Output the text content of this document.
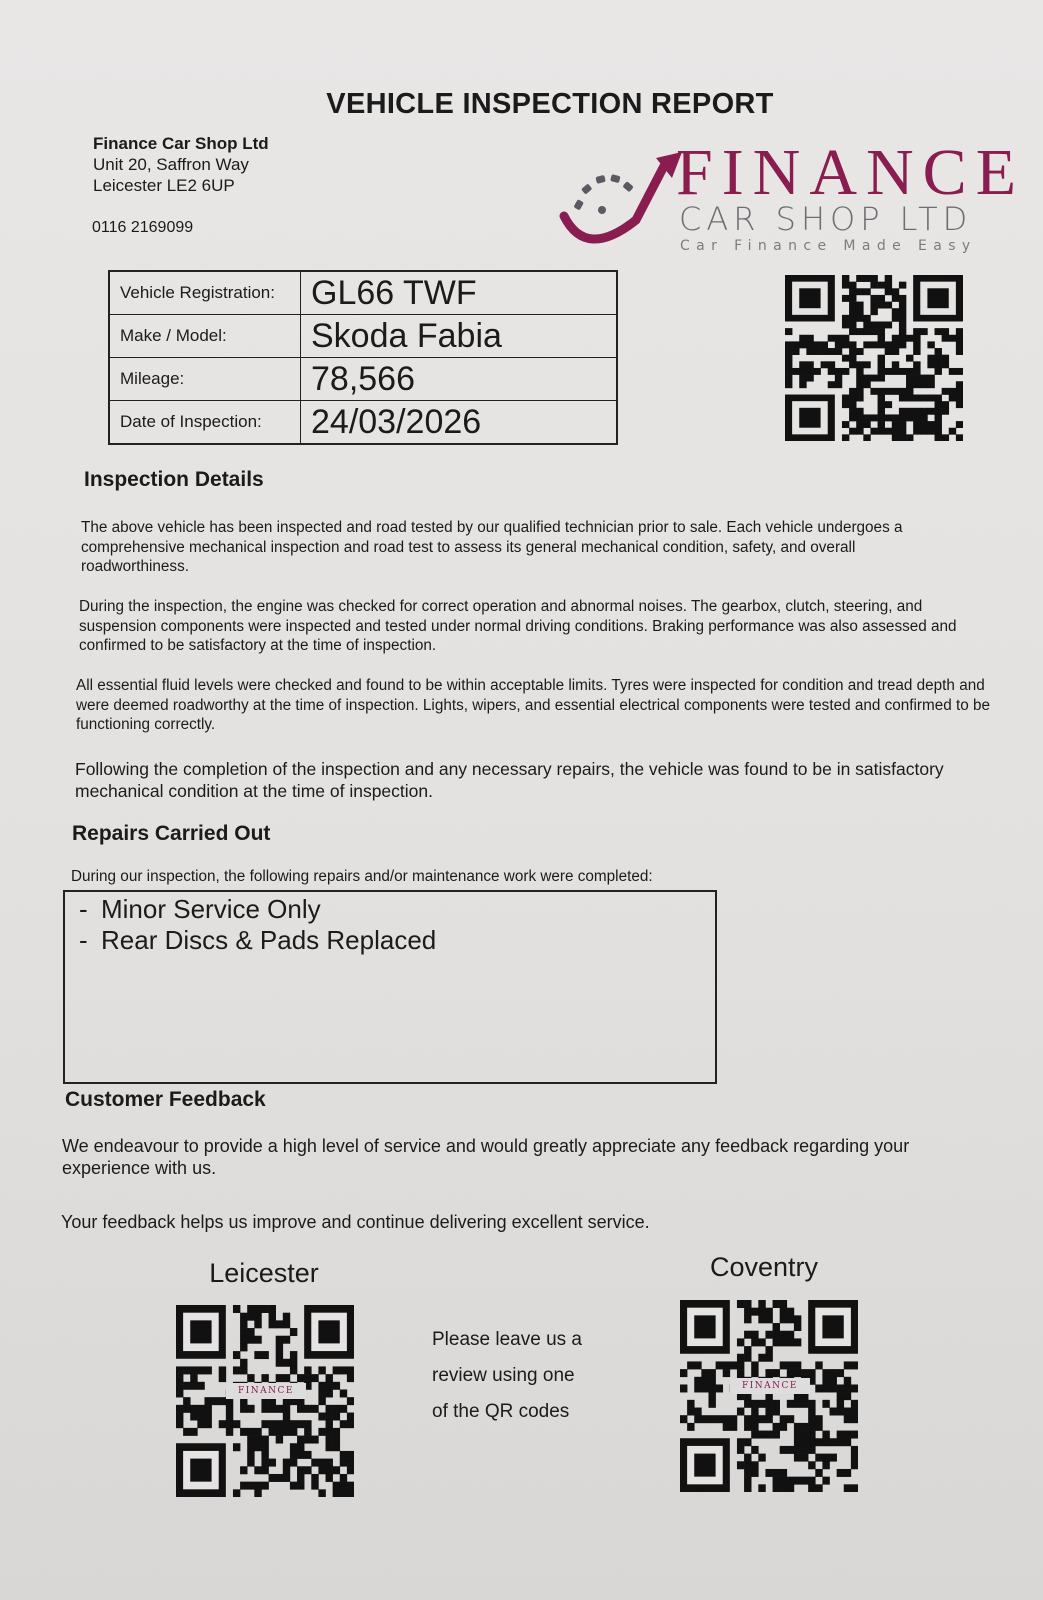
VEHICLE INSPECTION REPORT
Finance Car Shop Ltd
Unit 20, Saffron Way
Leicester LE2 6UP
0116 2169099
FINANCE
CAR SHOP LTD
Car Finance Made Easy
Vehicle Registration:	GL66 TWF
Make / Model:	Skoda Fabia
Mileage:	78,566
Date of Inspection:	24/03/2026
Inspection Details
The above vehicle has been inspected and road tested by our qualified technician prior to sale. Each vehicle undergoes a comprehensive mechanical inspection and road test to assess its general mechanical condition, safety, and overall roadworthiness.
During the inspection, the engine was checked for correct operation and abnormal noises. The gearbox, clutch, steering, and suspension components were inspected and tested under normal driving conditions. Braking performance was also assessed and confirmed to be satisfactory at the time of inspection.
All essential fluid levels were checked and found to be within acceptable limits. Tyres were inspected for condition and tread depth and were deemed roadworthy at the time of inspection. Lights, wipers, and essential electrical components were tested and confirmed to be functioning correctly.
Following the completion of the inspection and any necessary repairs, the vehicle was found to be in satisfactory mechanical condition at the time of inspection.
Repairs Carried Out
During our inspection, the following repairs and/or maintenance work were completed:
- Minor Service Only
- Rear Discs & Pads Replaced
Customer Feedback
We endeavour to provide a high level of service and would greatly appreciate any feedback regarding your experience with us.
Your feedback helps us improve and continue delivering excellent service.
Leicester
FINANCE
Please leave us a
review using one
of the QR codes
Coventry
FINANCE
